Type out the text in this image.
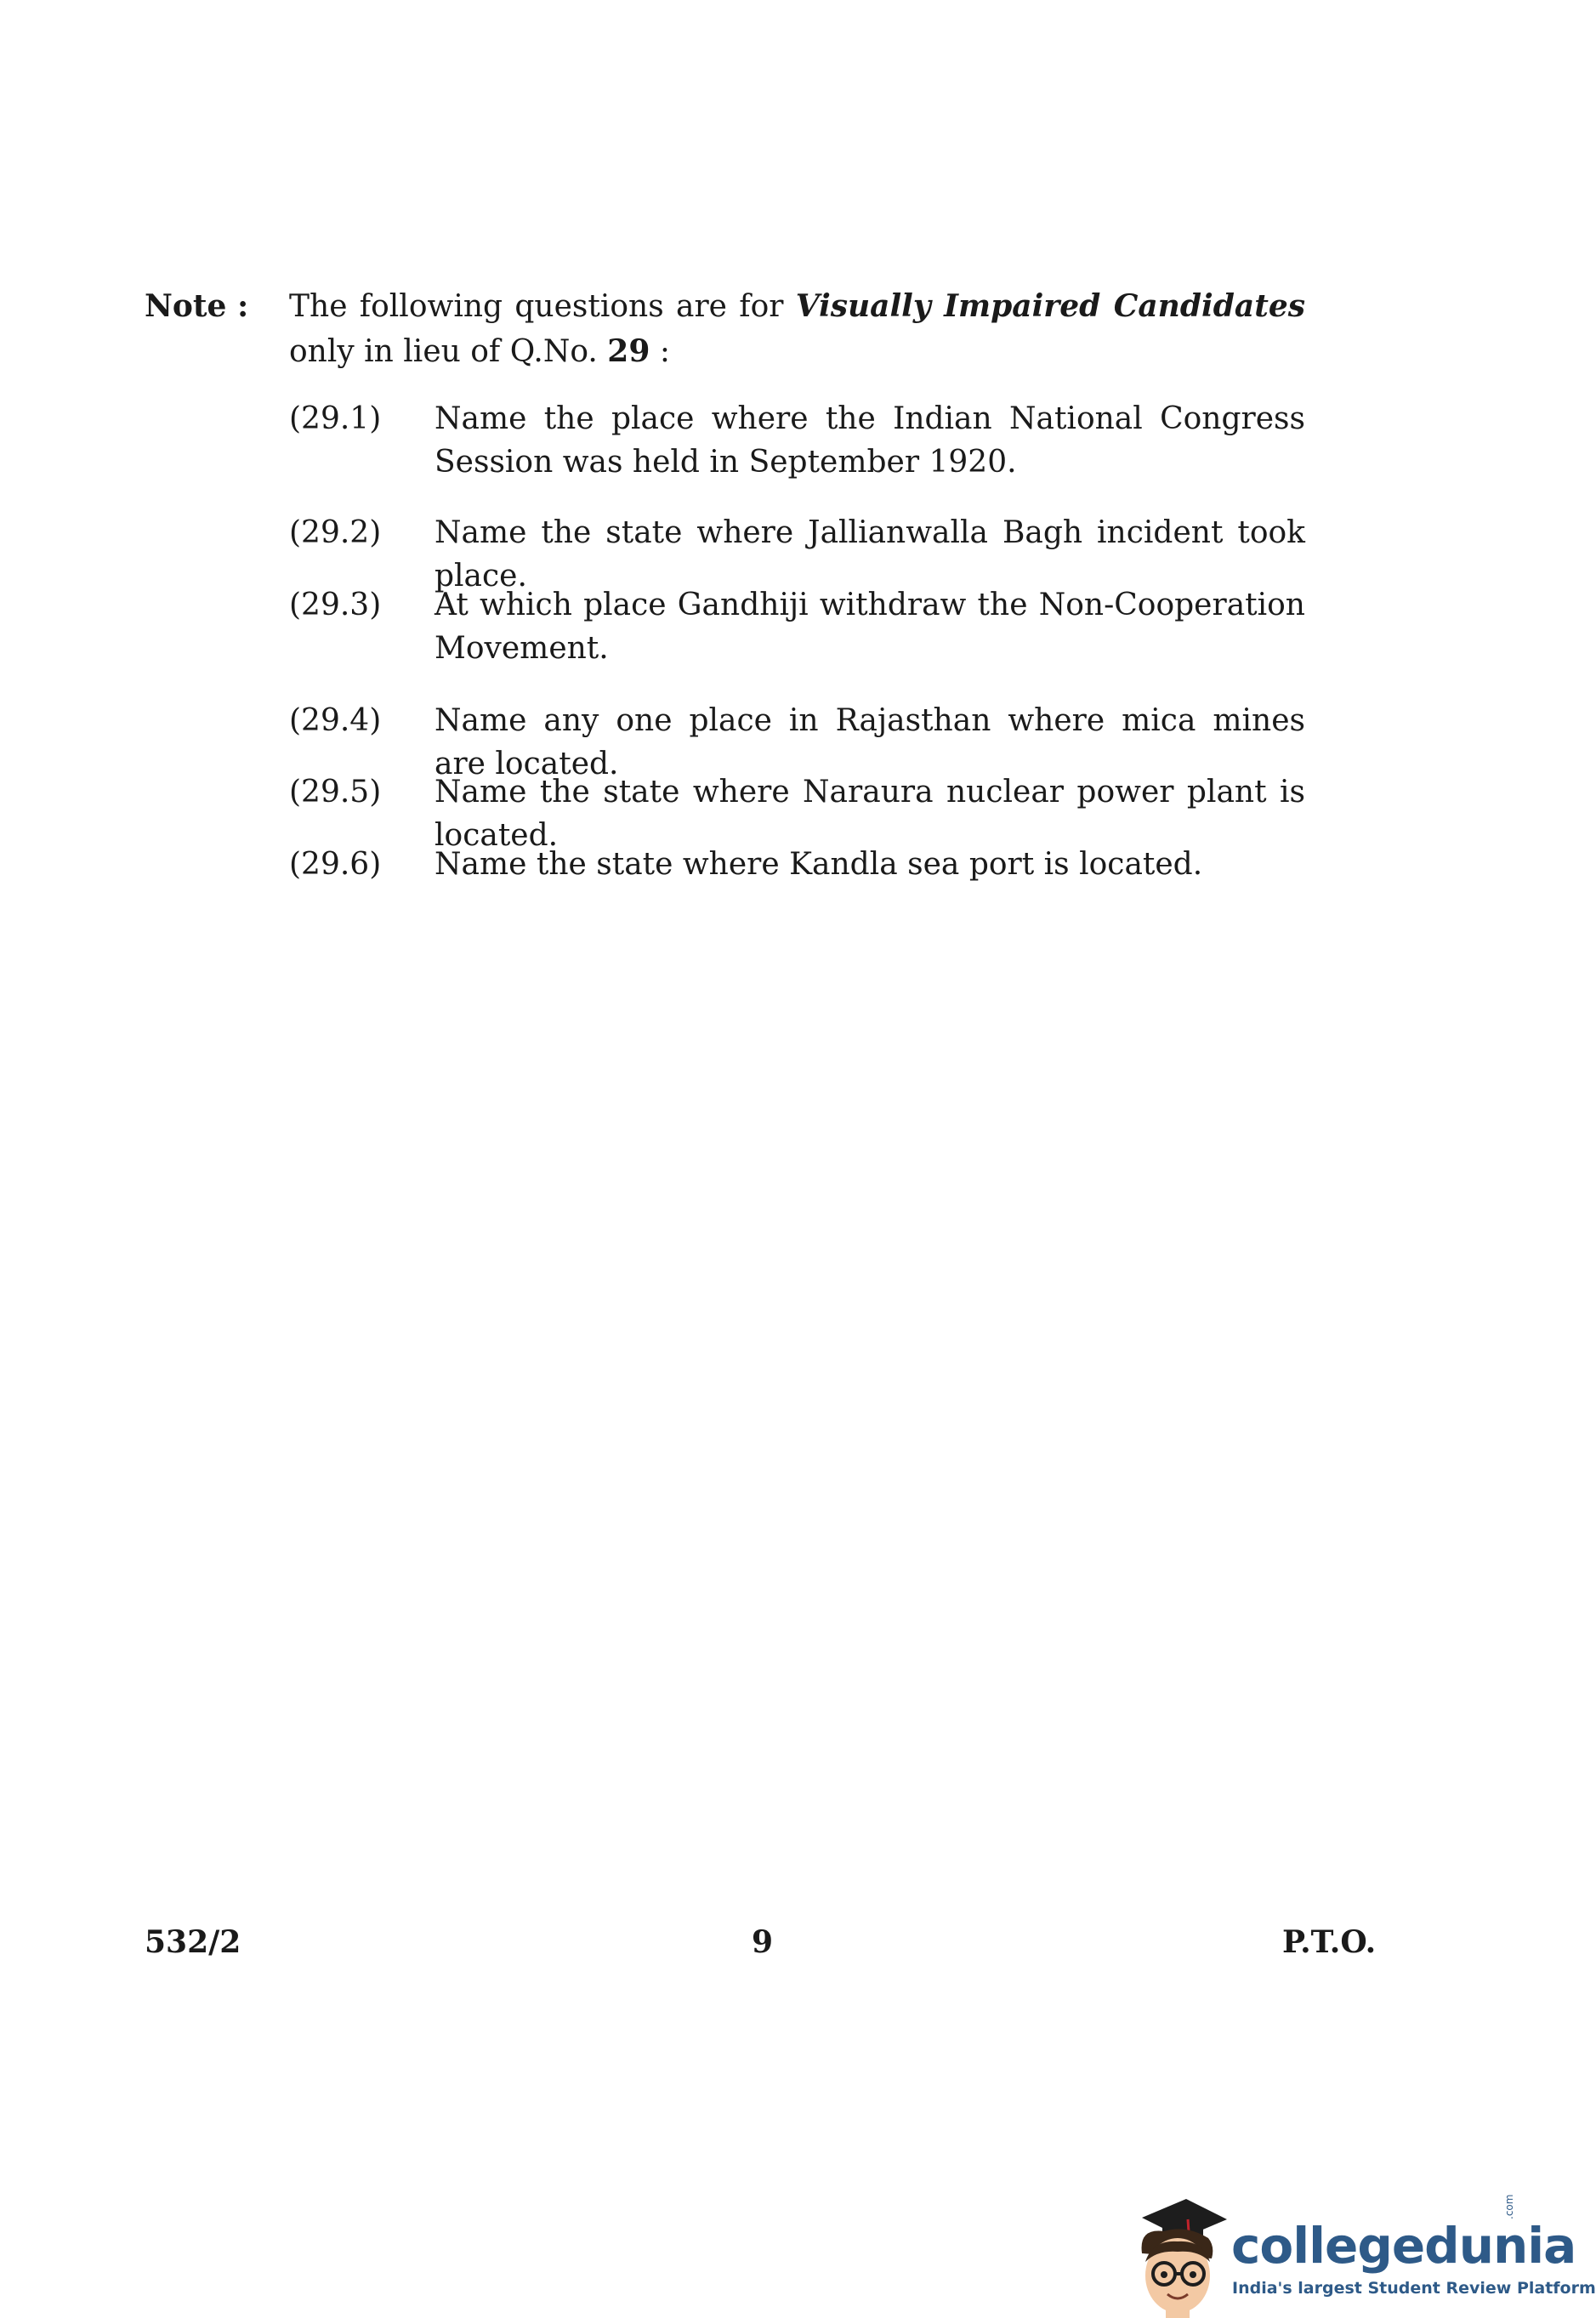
Note : The following questions are for Visually Impaired Candidates only in lieu of Q.No. 29 :
(29.1)	Name the place where the Indian National Congress Session was held in September 1920.
(29.2)	Name the state where Jallianwalla Bagh incident took place.
(29.3)	At which place Gandhiji withdraw the Non-Cooperation Movement.
(29.4)	Name any one place in Rajasthan where mica mines are located.
(29.5)	Name the state where Naraura nuclear power plant is located.
(29.6)	Name the state where Kandla sea port is located.
532/2	9	P.T.O.
collegedunia
.com
India's largest Student Review Platform
